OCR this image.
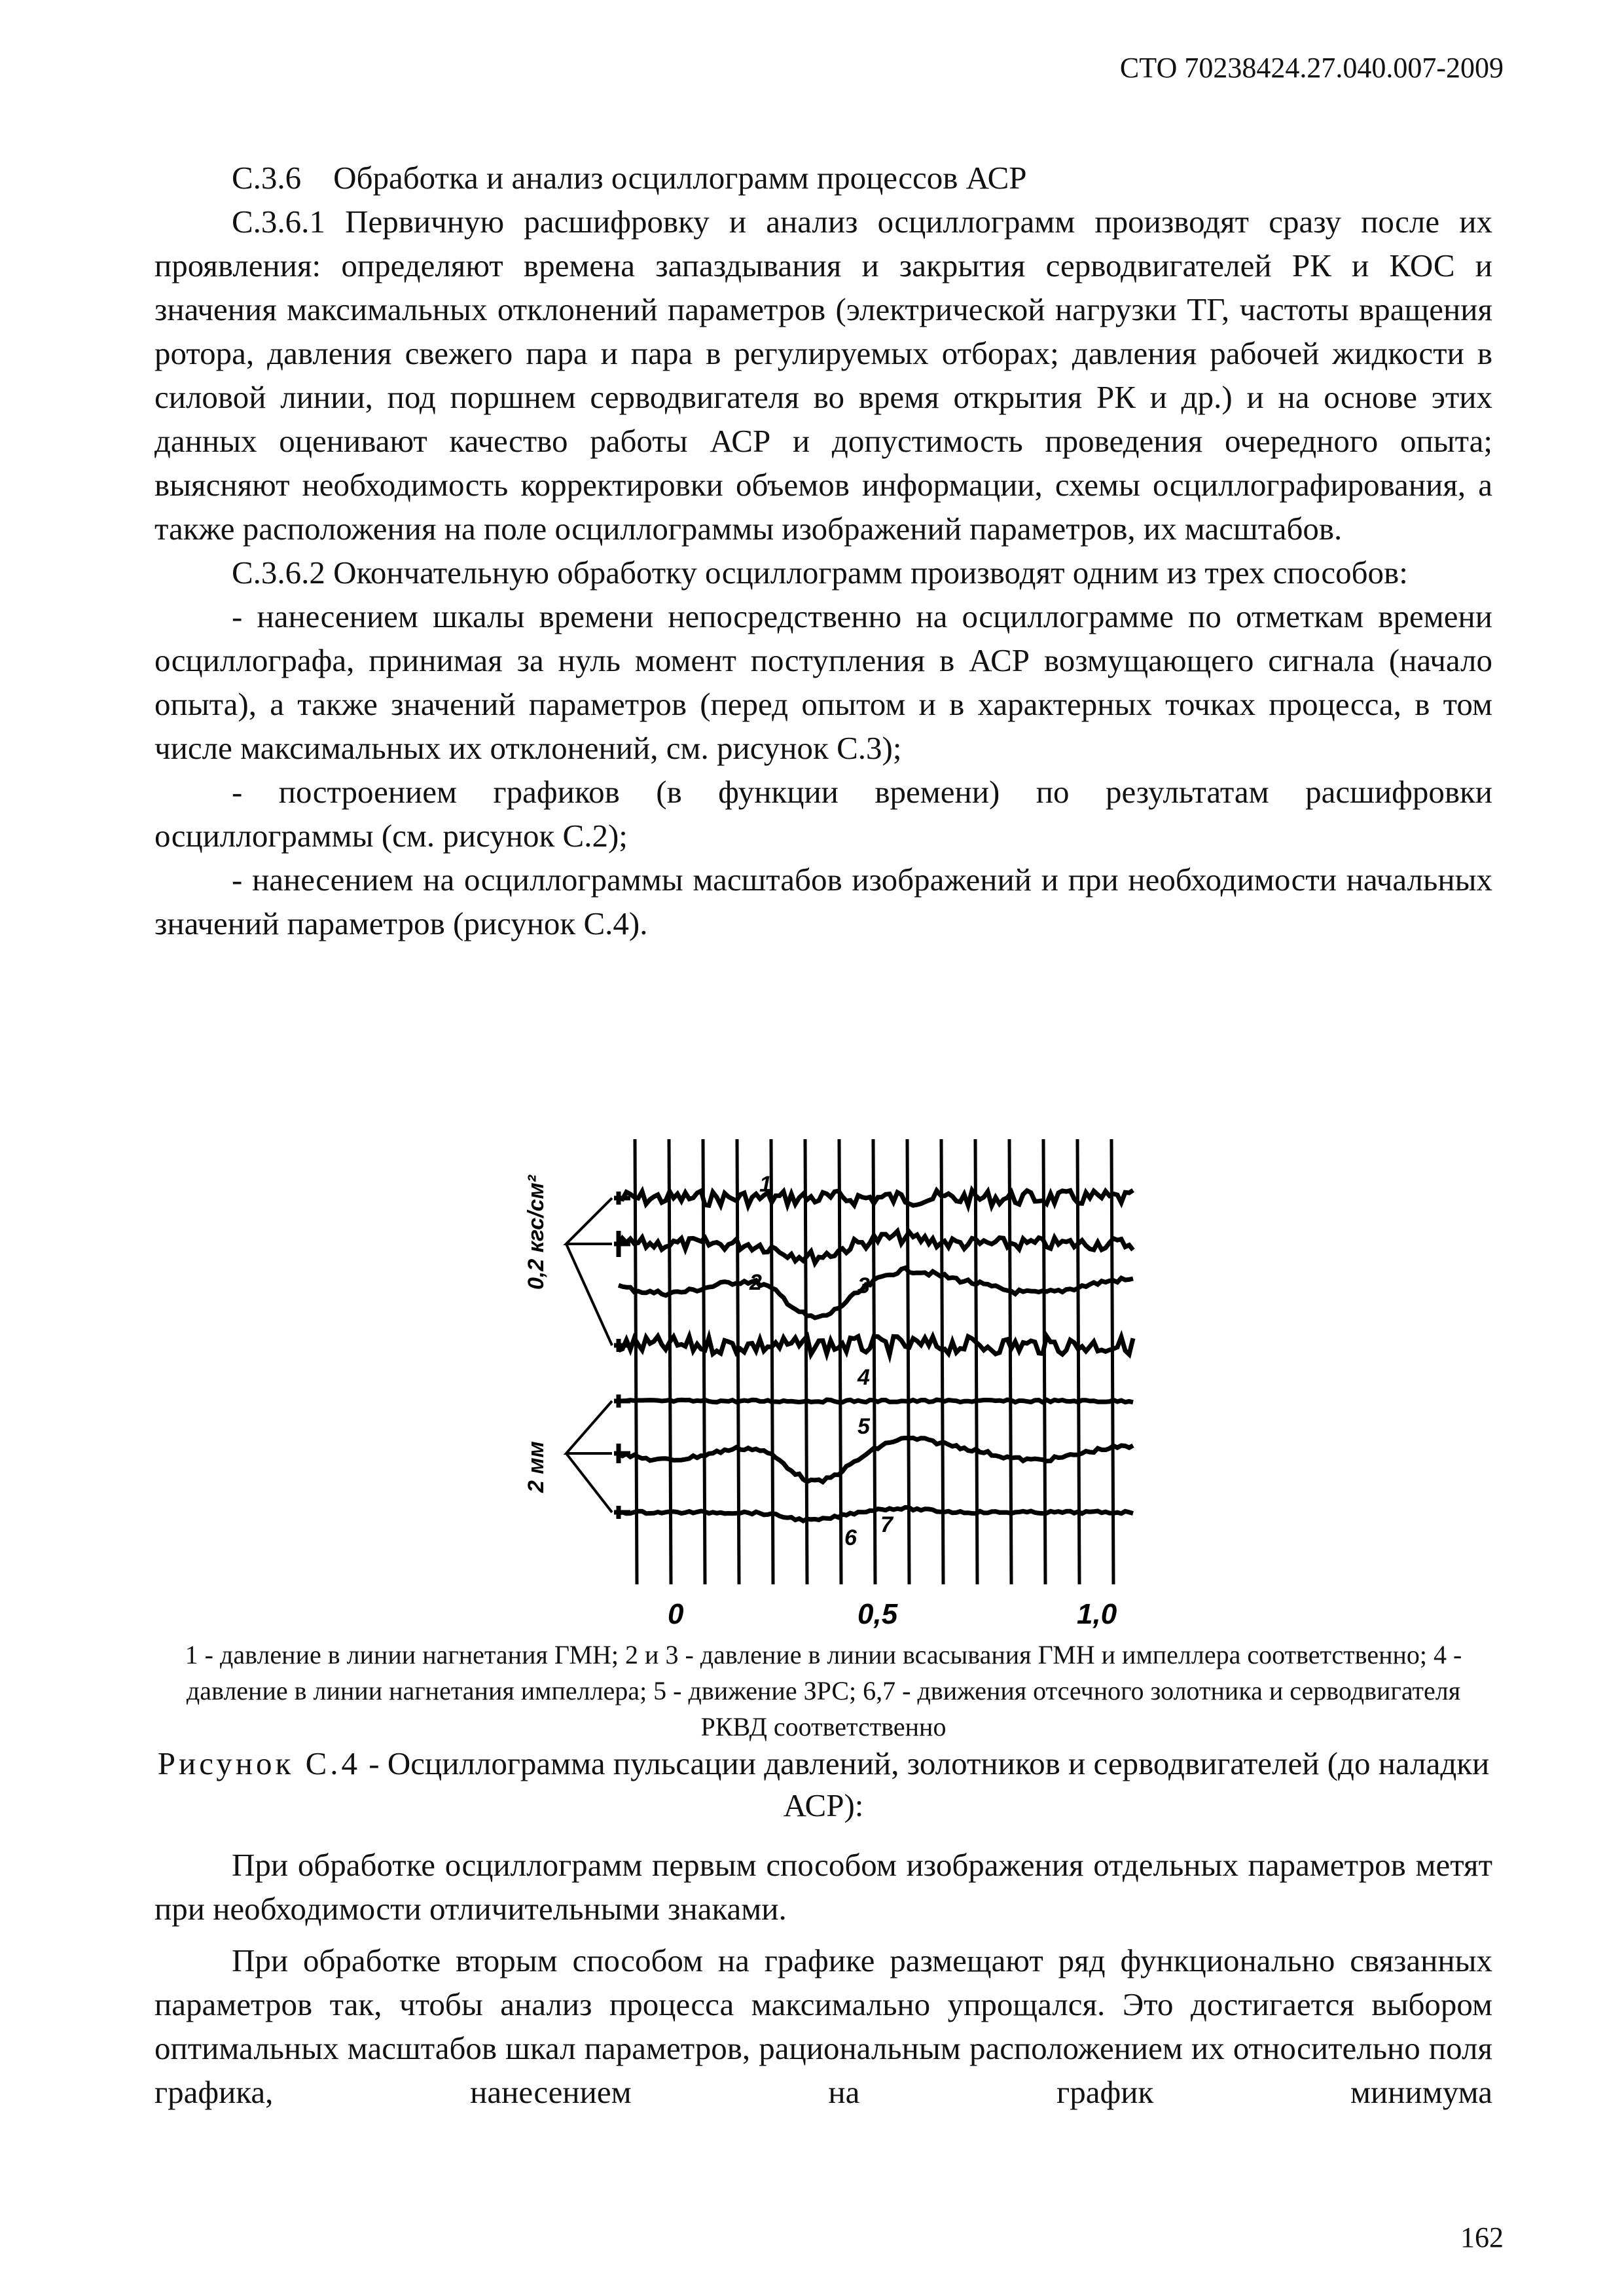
СТО 70238424.27.040.007-2009

С.3.6 Обработка и анализ осциллограмм процессов АСР

С.3.6.1 Первичную расшифровку и анализ осциллограмм производят сразу после их проявления: определяют времена запаздывания и закрытия серводвигателей РК и КОС и значения максимальных отклонений параметров (электрической нагрузки ТГ, частоты вращения ротора, давления свежего пара и пара в регулируемых отборах; давления рабочей жидкости в силовой линии, под поршнем серводвигателя во время открытия РК и др.) и на основе этих данных оценивают качество работы АСР и допустимость проведения очередного опыта; выясняют необходимость корректировки объемов информации, схемы осциллографирования, а также расположения на поле осциллограммы изображений параметров, их масштабов.

С.3.6.2 Окончательную обработку осциллограмм производят одним из трех способов:

- нанесением шкалы времени непосредственно на осциллограмме по отметкам времени осциллографа, принимая за нуль момент поступления в АСР возмущающего сигнала (начало опыта), а также значений параметров (перед опытом и в характерных точках процесса, в том числе максимальных их отклонений, см. рисунок С.3);

- построением графиков (в функции времени) по результатам расшифровки осциллограммы (см. рисунок С.2);

- нанесением на осциллограммы масштабов изображений и при необходимости начальных значений параметров (рисунок С.4).

0,2 кгс/см²
2 мм
1
2	3
4
5
6
7
0	0,5	1,0
1 - давление в линии нагнетания ГМН; 2 и 3 - давление в линии всасывания ГМН и импеллера соответственно; 4 - давление в линии нагнетания импеллера; 5 - движение ЗРС; 6,7 - движения отсечного золотника и серводвигателя РКВД соответственно
Рисунок С.4 - Осциллограмма пульсации давлений, золотников и серводвигателей (до наладки АСР):

При обработке осциллограмм первым способом изображения отдельных параметров метят при необходимости отличительными знаками.

При обработке вторым способом на графике размещают ряд функционально связанных параметров так, чтобы анализ процесса максимально упрощался. Это достигается выбором оптимальных масштабов шкал параметров, рациональным расположением их относительно поля графика, нанесением на график минимума

162
